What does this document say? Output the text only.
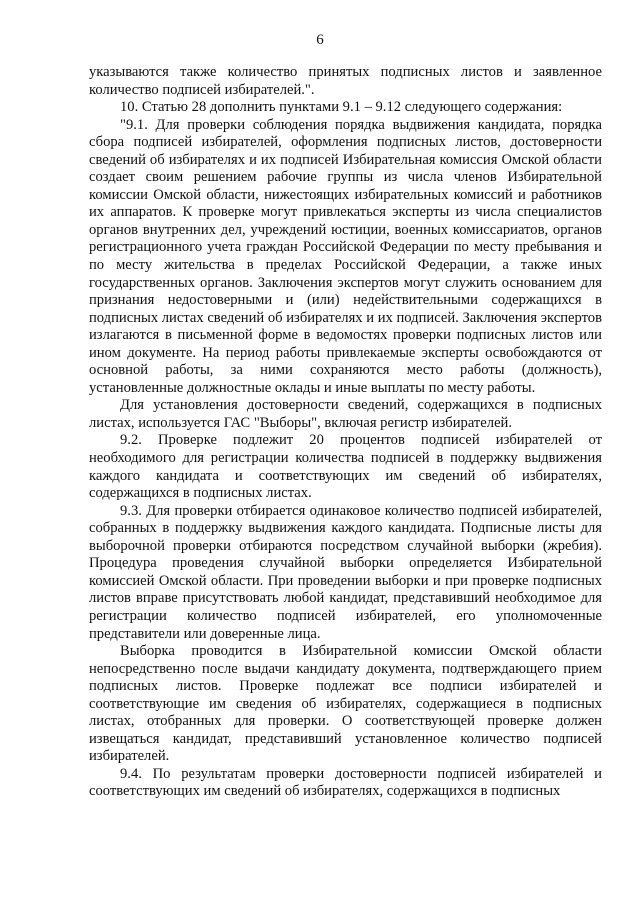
6

указываются также количество принятых подписных листов и заявленное количество подписей избирателей.".

10. Статью 28 дополнить пунктами 9.1 – 9.12 следующего содержания:

"9.1. Для проверки соблюдения порядка выдвижения кандидата, порядка сбора подписей избирателей, оформления подписных листов, достоверности сведений об избирателях и их подписей Избирательная комиссия Омской области создает своим решением рабочие группы из числа членов Избирательной комиссии Омской области, нижестоящих избирательных комиссий и работников их аппаратов. К проверке могут привлекаться эксперты из числа специалистов органов внутренних дел, учреждений юстиции, военных комиссариатов, органов регистрационного учета граждан Российской Федерации по месту пребывания и по месту жительства в пределах Российской Федерации, а также иных государственных органов. Заключения экспертов могут служить основанием для признания недостоверными и (или) недействительными содержащихся в подписных листах сведений об избирателях и их подписей. Заключения экспертов излагаются в письменной форме в ведомостях проверки подписных листов или ином документе. На период работы привлекаемые эксперты освобождаются от основной работы, за ними сохраняются место работы (должность), установленные должностные оклады и иные выплаты по месту работы.

Для установления достоверности сведений, содержащихся в подписных листах, используется ГАС "Выборы", включая регистр избирателей.

9.2. Проверке подлежит 20 процентов подписей избирателей от необходимого для регистрации количества подписей в поддержку выдвижения каждого кандидата и соответствующих им сведений об избирателях, содержащихся в подписных листах.

9.3. Для проверки отбирается одинаковое количество подписей избирателей, собранных в поддержку выдвижения каждого кандидата. Подписные листы для выборочной проверки отбираются посредством случайной выборки (жребия). Процедура проведения случайной выборки определяется Избирательной комиссией Омской области. При проведении выборки и при проверке подписных листов вправе присутствовать любой кандидат, представивший необходимое для регистрации количество подписей избирателей, его уполномоченные представители или доверенные лица.

Выборка проводится в Избирательной комиссии Омской области непосредственно после выдачи кандидату документа, подтверждающего прием подписных листов. Проверке подлежат все подписи избирателей и соответствующие им сведения об избирателях, содержащиеся в подписных листах, отобранных для проверки. О соответствующей проверке должен извещаться кандидат, представивший установленное количество подписей избирателей.

9.4. По результатам проверки достоверности подписей избирателей и соответствующих им сведений об избирателях, содержащихся в подписных
